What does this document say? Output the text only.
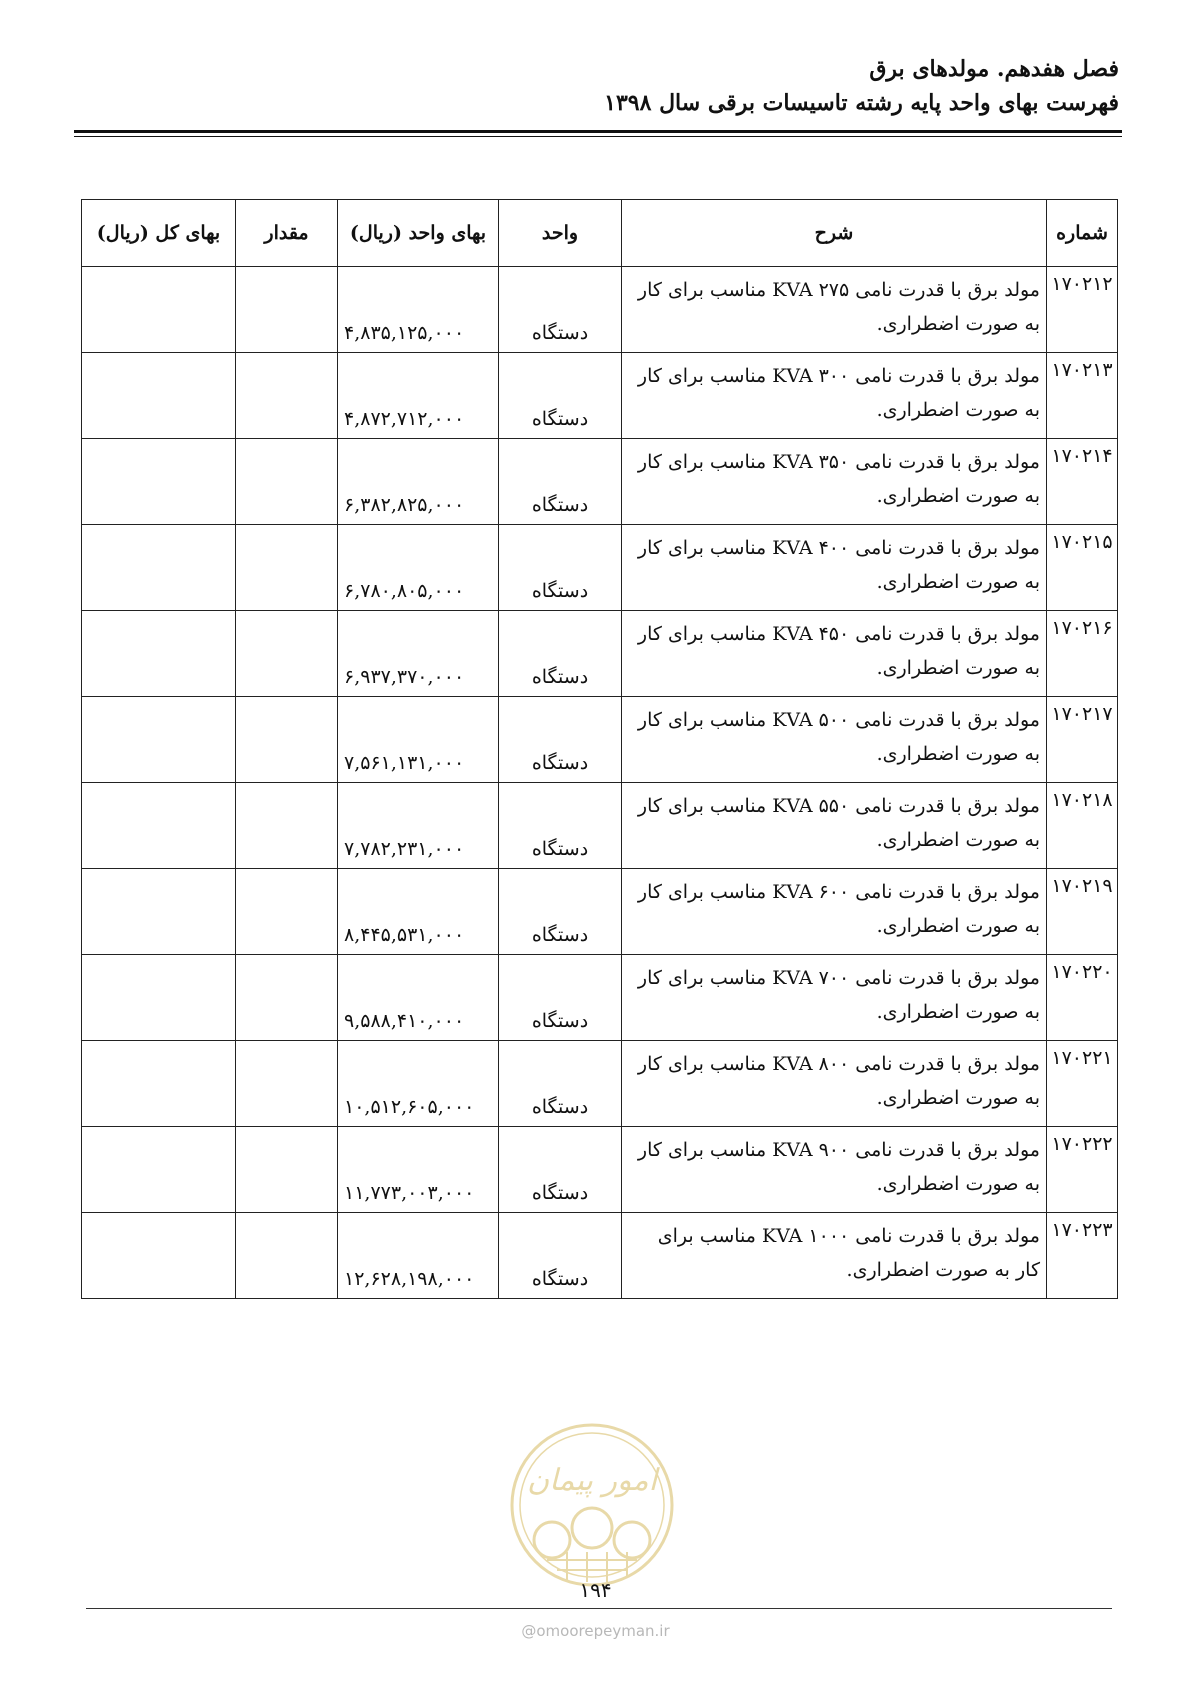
فصل هفدهم. مولدهای برق
فهرست بهای واحد پایه رشته تاسیسات برقی سال ۱۳۹۸
شماره	شرح	واحد	بهای واحد (ریال)	مقدار	بهای کل (ریال)
۱۷۰۲۱۲	مولد برق با قدرت نامی KVA ۲۷۵ مناسب برای کار به صورت اضطراری.	دستگاه	۴,۸۳۵,۱۲۵,۰۰۰		
۱۷۰۲۱۳	مولد برق با قدرت نامی KVA ۳۰۰ مناسب برای کار به صورت اضطراری.	دستگاه	۴,۸۷۲,۷۱۲,۰۰۰		
۱۷۰۲۱۴	مولد برق با قدرت نامی KVA ۳۵۰ مناسب برای کار به صورت اضطراری.	دستگاه	۶,۳۸۲,۸۲۵,۰۰۰		
۱۷۰۲۱۵	مولد برق با قدرت نامی KVA ۴۰۰ مناسب برای کار به صورت اضطراری.	دستگاه	۶,۷۸۰,۸۰۵,۰۰۰		
۱۷۰۲۱۶	مولد برق با قدرت نامی KVA ۴۵۰ مناسب برای کار به صورت اضطراری.	دستگاه	۶,۹۳۷,۳۷۰,۰۰۰		
۱۷۰۲۱۷	مولد برق با قدرت نامی KVA ۵۰۰ مناسب برای کار به صورت اضطراری.	دستگاه	۷,۵۶۱,۱۳۱,۰۰۰		
۱۷۰۲۱۸	مولد برق با قدرت نامی KVA ۵۵۰ مناسب برای کار به صورت اضطراری.	دستگاه	۷,۷۸۲,۲۳۱,۰۰۰		
۱۷۰۲۱۹	مولد برق با قدرت نامی KVA ۶۰۰ مناسب برای کار به صورت اضطراری.	دستگاه	۸,۴۴۵,۵۳۱,۰۰۰		
۱۷۰۲۲۰	مولد برق با قدرت نامی KVA ۷۰۰ مناسب برای کار به صورت اضطراری.	دستگاه	۹,۵۸۸,۴۱۰,۰۰۰		
۱۷۰۲۲۱	مولد برق با قدرت نامی KVA ۸۰۰ مناسب برای کار به صورت اضطراری.	دستگاه	۱۰,۵۱۲,۶۰۵,۰۰۰		
۱۷۰۲۲۲	مولد برق با قدرت نامی KVA ۹۰۰ مناسب برای کار به صورت اضطراری.	دستگاه	۱۱,۷۷۳,۰۰۳,۰۰۰		
۱۷۰۲۲۳	مولد برق با قدرت نامی KVA ۱۰۰۰ مناسب برای کار به صورت اضطراری.	دستگاه	۱۲,۶۲۸,۱۹۸,۰۰۰		
امور پیمان
۱۹۴
@omoorepeyman.ir
